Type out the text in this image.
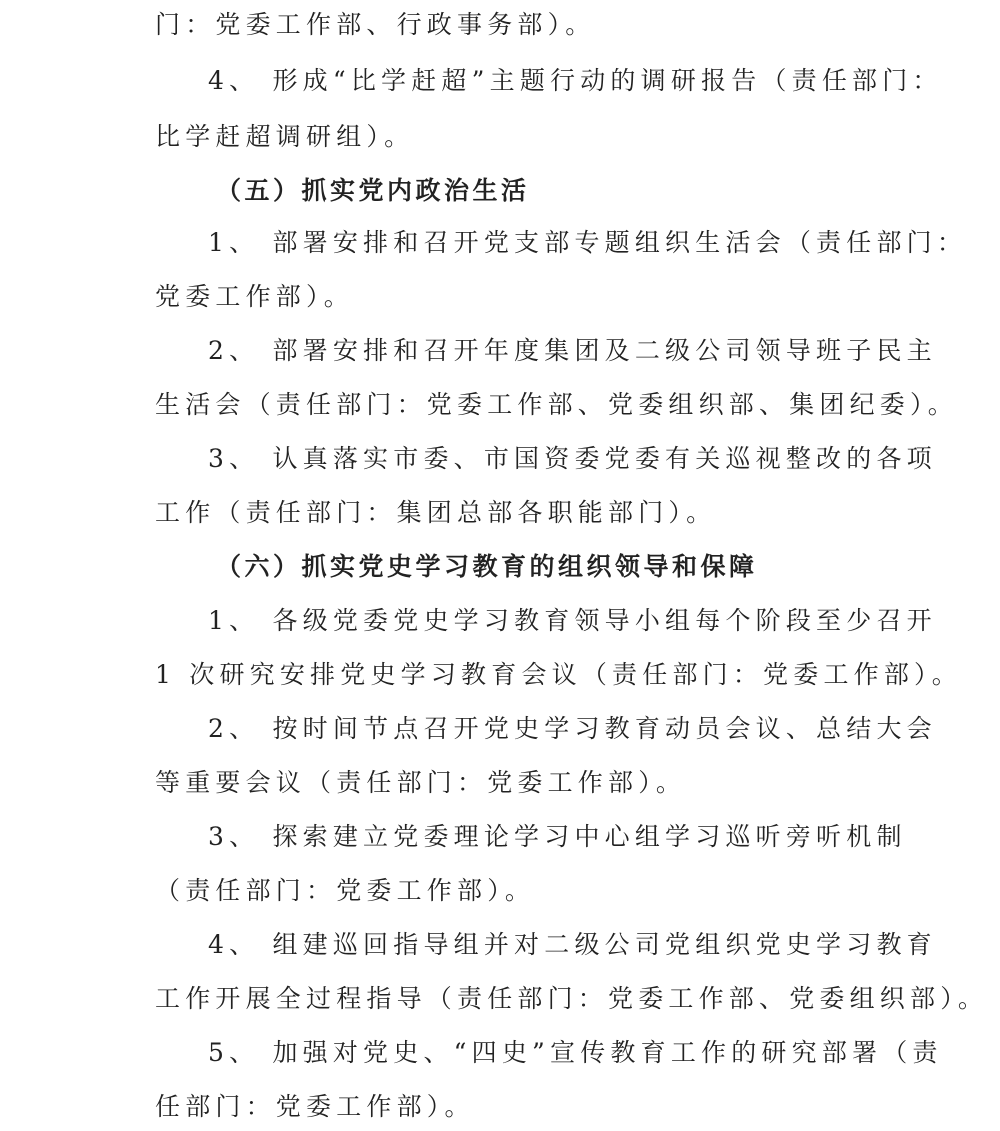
门：党委工作部、行政事务部）。
4、 形成“比学赶超”主题行动的调研报告（责任部门：
比学赶超调研组）。
（五）抓实党内政治生活
1、 部署安排和召开党支部专题组织生活会（责任部门：
党委工作部）。
2、 部署安排和召开年度集团及二级公司领导班子民主
生活会（责任部门：党委工作部、党委组织部、集团纪委）。
3、 认真落实市委、市国资委党委有关巡视整改的各项
工作（责任部门：集团总部各职能部门）。
（六）抓实党史学习教育的组织领导和保障
1、 各级党委党史学习教育领导小组每个阶段至少召开
1 次研究安排党史学习教育会议（责任部门：党委工作部）。
2、 按时间节点召开党史学习教育动员会议、总结大会
等重要会议（责任部门：党委工作部）。
3、 探索建立党委理论学习中心组学习巡听旁听机制
（责任部门：党委工作部）。
4、 组建巡回指导组并对二级公司党组织党史学习教育
工作开展全过程指导（责任部门：党委工作部、党委组织部）。
5、 加强对党史、“四史”宣传教育工作的研究部署（责
任部门：党委工作部）。
